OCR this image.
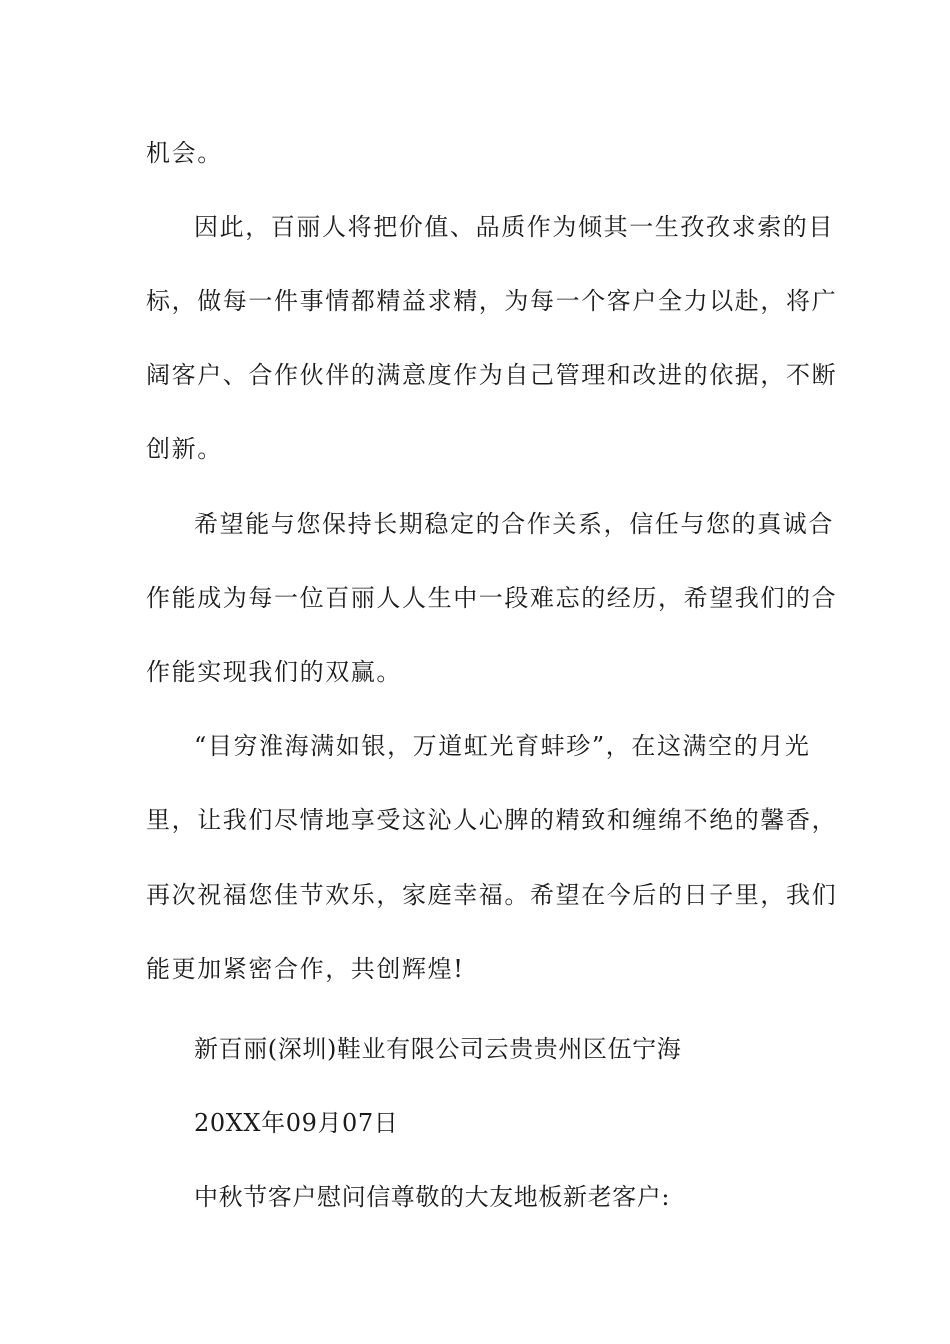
机会。
因此，百丽人将把价值、品质作为倾其一生孜孜求索的目
标，做每一件事情都精益求精，为每一个客户全力以赴，将广
阔客户、合作伙伴的满意度作为自己管理和改进的依据，不断
创新。
希望能与您保持长期稳定的合作关系，信任与您的真诚合
作能成为每一位百丽人人生中一段难忘的经历，希望我们的合
作能实现我们的双赢。
“目穷淮海满如银，万道虹光育蚌珍”，在这满空的月光
里，让我们尽情地享受这沁人心脾的精致和缠绵不绝的馨香，
再次祝福您佳节欢乐，家庭幸福。希望在今后的日子里，我们
能更加紧密合作，共创辉煌!
新百丽(深圳)鞋业有限公司云贵贵州区伍宁海
20XX年09月07日
中秋节客户慰问信尊敬的大友地板新老客户:
